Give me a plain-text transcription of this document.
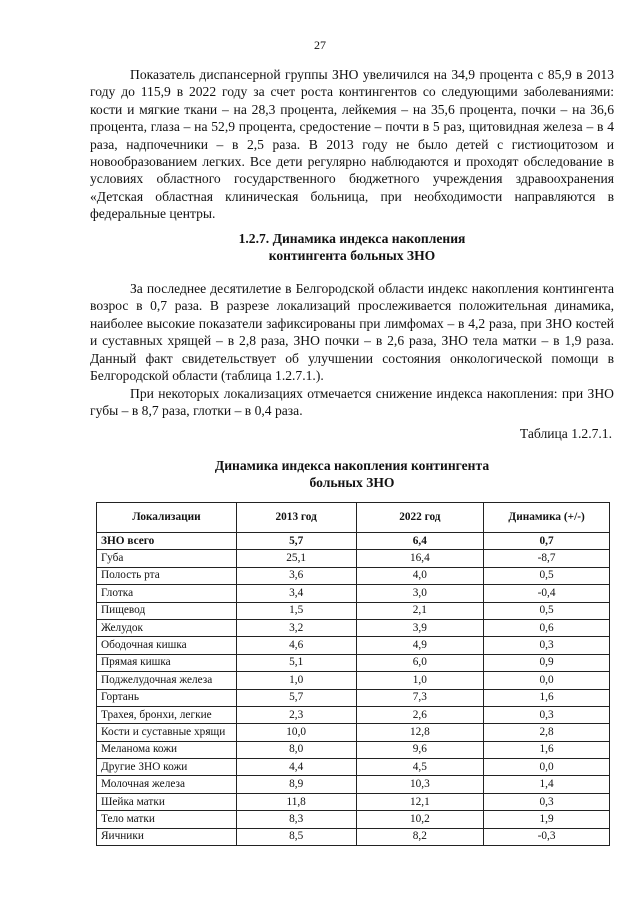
27

Показатель диспансерной группы ЗНО увеличился на 34,9 процента с 85,9 в 2013 году до 115,9 в 2022 году за счет роста контингентов со следующими заболеваниями: кости и мягкие ткани – на 28,3 процента, лейкемия – на 35,6 процента, почки – на 36,6 процента, глаза – на 52,9 процента, средостение – почти в 5 раз, щитовидная железа – в 4 раза, надпочечники – в 2,5 раза. В 2013 году не было детей с гистиоцитозом и новообразованием легких. Все дети регулярно наблюдаются и проходят обследование в условиях областного государственного бюджетного учреждения здравоохранения «Детская областная клиническая больница, при необходимости направляются в федеральные центры.

1.2.7. Динамика индекса накопления
контингента больных ЗНО

За последнее десятилетие в Белгородской области индекс накопления контингента возрос в 0,7 раза. В разрезе локализаций прослеживается положительная динамика, наиболее высокие показатели зафиксированы при лимфомах – в 4,2 раза, при ЗНО костей и суставных хрящей – в 2,8 раза, ЗНО почки – в 2,6 раза, ЗНО тела матки – в 1,9 раза. Данный факт свидетельствует об улучшении состояния онкологической помощи в Белгородской области (таблица 1.2.7.1.).

При некоторых локализациях отмечается снижение индекса накопления: при ЗНО губы – в 8,7 раза, глотки – в 0,4 раза.

Таблица 1.2.7.1.
Динамика индекса накопления контингента
больных ЗНО
Локализации	2013 год	2022 год	Динамика (+/-)
ЗНО всего	5,7	6,4	0,7
Губа	25,1	16,4	-8,7
Полость рта	3,6	4,0	0,5
Глотка	3,4	3,0	-0,4
Пищевод	1,5	2,1	0,5
Желудок	3,2	3,9	0,6
Ободочная кишка	4,6	4,9	0,3
Прямая кишка	5,1	6,0	0,9
Поджелудочная железа	1,0	1,0	0,0
Гортань	5,7	7,3	1,6
Трахея, бронхи, легкие	2,3	2,6	0,3
Кости и суставные хрящи	10,0	12,8	2,8
Меланома кожи	8,0	9,6	1,6
Другие ЗНО кожи	4,4	4,5	0,0
Молочная железа	8,9	10,3	1,4
Шейка матки	11,8	12,1	0,3
Тело матки	8,3	10,2	1,9
Яичники	8,5	8,2	-0,3
